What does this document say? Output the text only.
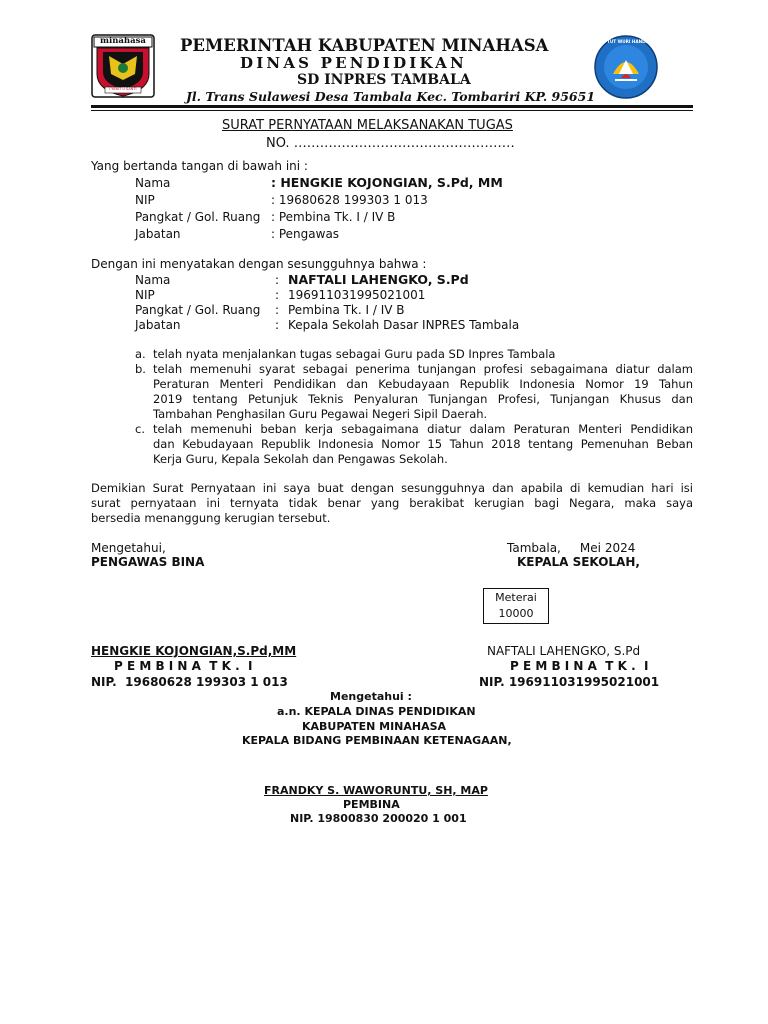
minahasa
I YAYAT U SANTI
TUT WURI HANDAYANI
PEMERINTAH KABUPATEN MINAHASA
DINAS PENDIDIKAN
SD INPRES TAMBALA
Jl. Trans Sulawesi Desa Tambala Kec. Tombariri KP. 95651
SURAT PERNYATAAN MELAKSANAKAN TUGAS
NO. ……………………………………………
Yang bertanda tangan di bawah ini :
Nama	: HENGKIE KOJONGIAN, S.Pd, MM
NIP	: 19680628 199303 1 013
Pangkat / Gol. Ruang : Pembina Tk. I / IV B
Jabatan	: Pengawas
Dengan ini menyatakan dengan sesungguhnya bahwa :
Nama	: NAFTALI LAHENGKO, S.Pd
NIP	: 196911031995021001
Pangkat / Gol. Ruang : Pembina Tk. I / IV B
Jabatan	: Kepala Sekolah Dasar INPRES Tambala
a. telah nyata menjalankan tugas sebagai Guru pada SD Inpres Tambala
b. telah memenuhi syarat sebagai penerima tunjangan profesi sebagaimana diatur dalam
Peraturan Menteri Pendidikan dan Kebudayaan Republik Indonesia Nomor 19 Tahun
2019 tentang Petunjuk Teknis Penyaluran Tunjangan Profesi, Tunjangan Khusus dan
Tambahan Penghasilan Guru Pegawai Negeri Sipil Daerah.
c. telah memenuhi beban kerja sebagaimana diatur dalam Peraturan Menteri Pendidikan
dan Kebudayaan Republik Indonesia Nomor 15 Tahun 2018 tentang Pemenuhan Beban
Kerja Guru, Kepala Sekolah dan Pengawas Sekolah.
Demikian Surat Pernyataan ini saya buat dengan sesungguhnya dan apabila di kemudian hari isi
surat pernyataan ini ternyata tidak benar yang berakibat kerugian bagi Negara, maka saya
bersedia menanggung kerugian tersebut.
Mengetahui,
PENGAWAS BINA
Tambala,     Mei 2024
KEPALA SEKOLAH,
Meterai
10000
HENGKIE KOJONGIAN,S.Pd,MM
P E M B I N A  T K .  I
NIP.  19680628 199303 1 013
NAFTALI LAHENGKO, S.Pd
P E M B I N A  T K .  I
NIP. 196911031995021001
Mengetahui :
a.n. KEPALA DINAS PENDIDIKAN
KABUPATEN MINAHASA
KEPALA BIDANG PEMBINAAN KETENAGAAN,
FRANDKY S. WAWORUNTU, SH, MAP
PEMBINA
NIP. 19800830 200020 1 001
